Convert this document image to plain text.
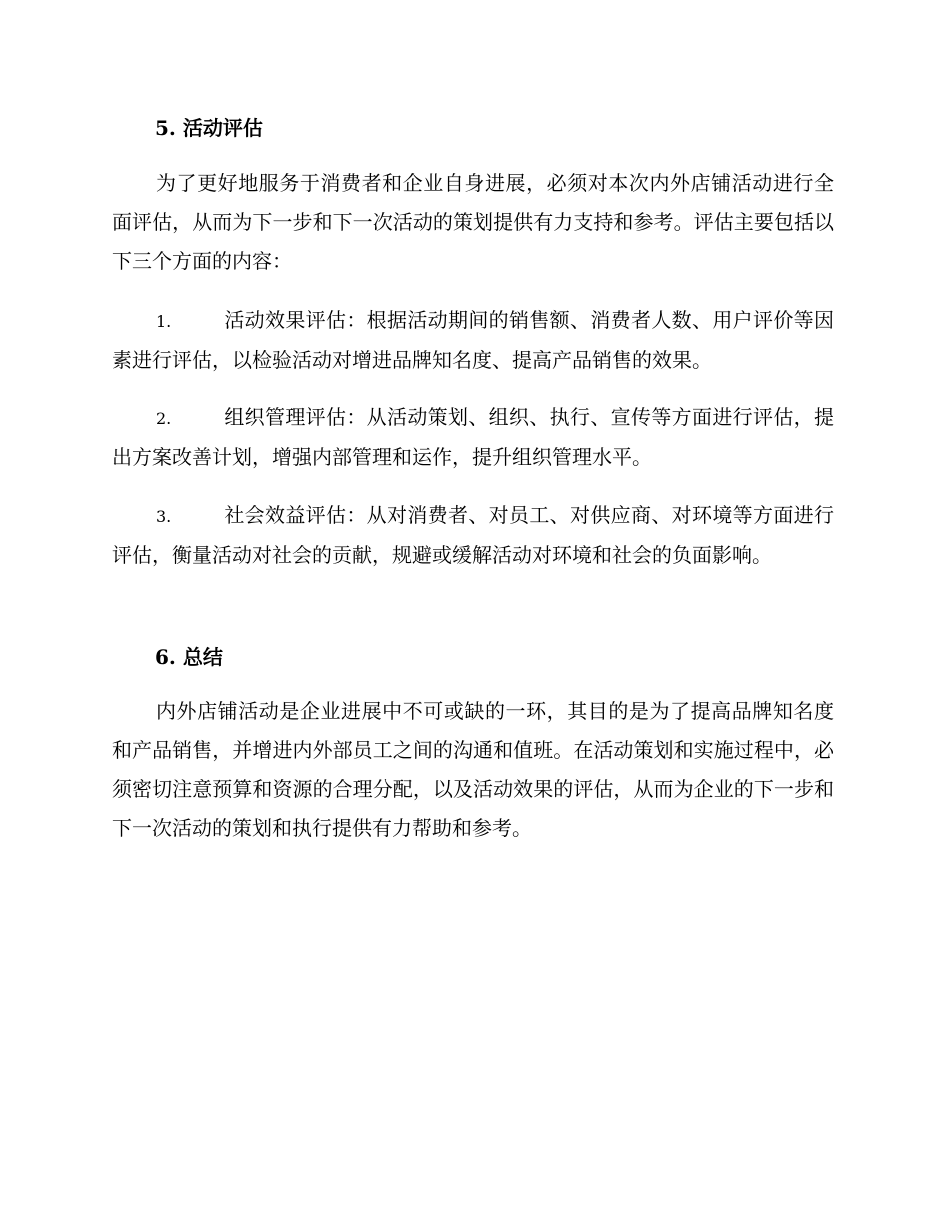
5. 活动评估
为了更好地服务于消费者和企业自身进展，必须对本次内外店铺活动进行全面评估，从而为下一步和下一次活动的策划提供有力支持和参考。评估主要包括以下三个方面的内容：
1.	活动效果评估：根据活动期间的销售额、消费者人数、用户评价等因素进行评估，以检验活动对增进品牌知名度、提高产品销售的效果。
2.	组织管理评估：从活动策划、组织、执行、宣传等方面进行评估，提出方案改善计划，增强内部管理和运作，提升组织管理水平。
3.	社会效益评估：从对消费者、对员工、对供应商、对环境等方面进行评估，衡量活动对社会的贡献，规避或缓解活动对环境和社会的负面影响。
6. 总结
内外店铺活动是企业进展中不可或缺的一环，其目的是为了提高品牌知名度和产品销售，并增进内外部员工之间的沟通和值班。在活动策划和实施过程中，必须密切注意预算和资源的合理分配，以及活动效果的评估，从而为企业的下一步和下一次活动的策划和执行提供有力帮助和参考。
